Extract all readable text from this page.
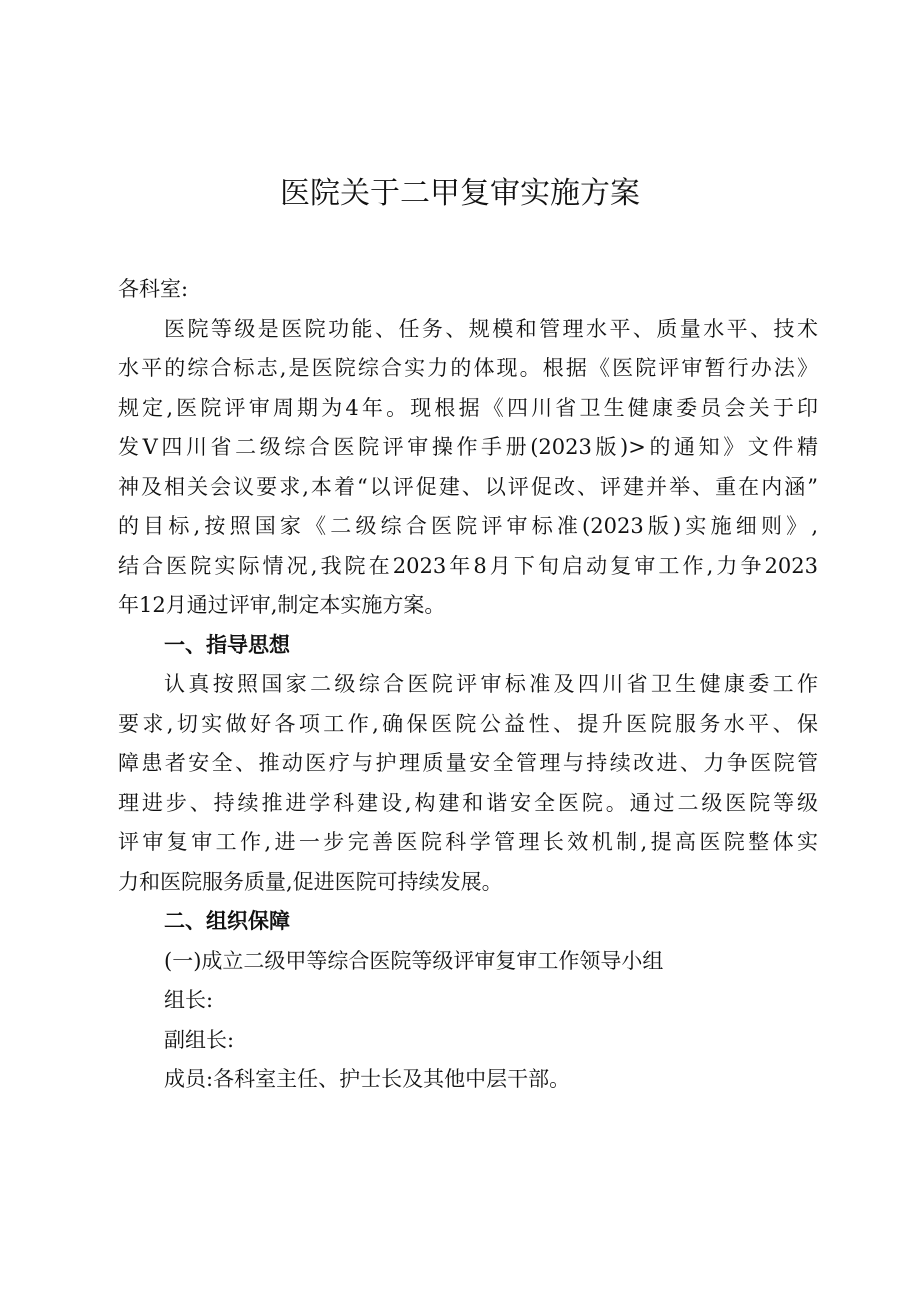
医院关于二甲复审实施方案
各科室:
医院等级是医院功能、任务、规模和管理水平、质量水平、技术
水平的综合标志,是医院综合实力的体现。根据《医院评审暂行办法》
规定,医院评审周期为4年。现根据《四川省卫生健康委员会关于印
发V四川省二级综合医院评审操作手册(2023版)>的通知》文件精
神及相关会议要求,本着“以评促建、以评促改、评建并举、重在内涵”
的目标,按照国家《二级综合医院评审标准(2023版)实施细则》,
结合医院实际情况,我院在2023年8月下旬启动复审工作,力争2023
年12月通过评审,制定本实施方案。
一、指导思想
认真按照国家二级综合医院评审标准及四川省卫生健康委工作
要求,切实做好各项工作,确保医院公益性、提升医院服务水平、保
障患者安全、推动医疗与护理质量安全管理与持续改进、力争医院管
理进步、持续推进学科建设,构建和谐安全医院。通过二级医院等级
评审复审工作,进一步完善医院科学管理长效机制,提高医院整体实
力和医院服务质量,促进医院可持续发展。
二、组织保障
(一)成立二级甲等综合医院等级评审复审工作领导小组
组长:
副组长:
成员:各科室主任、护士长及其他中层干部。
